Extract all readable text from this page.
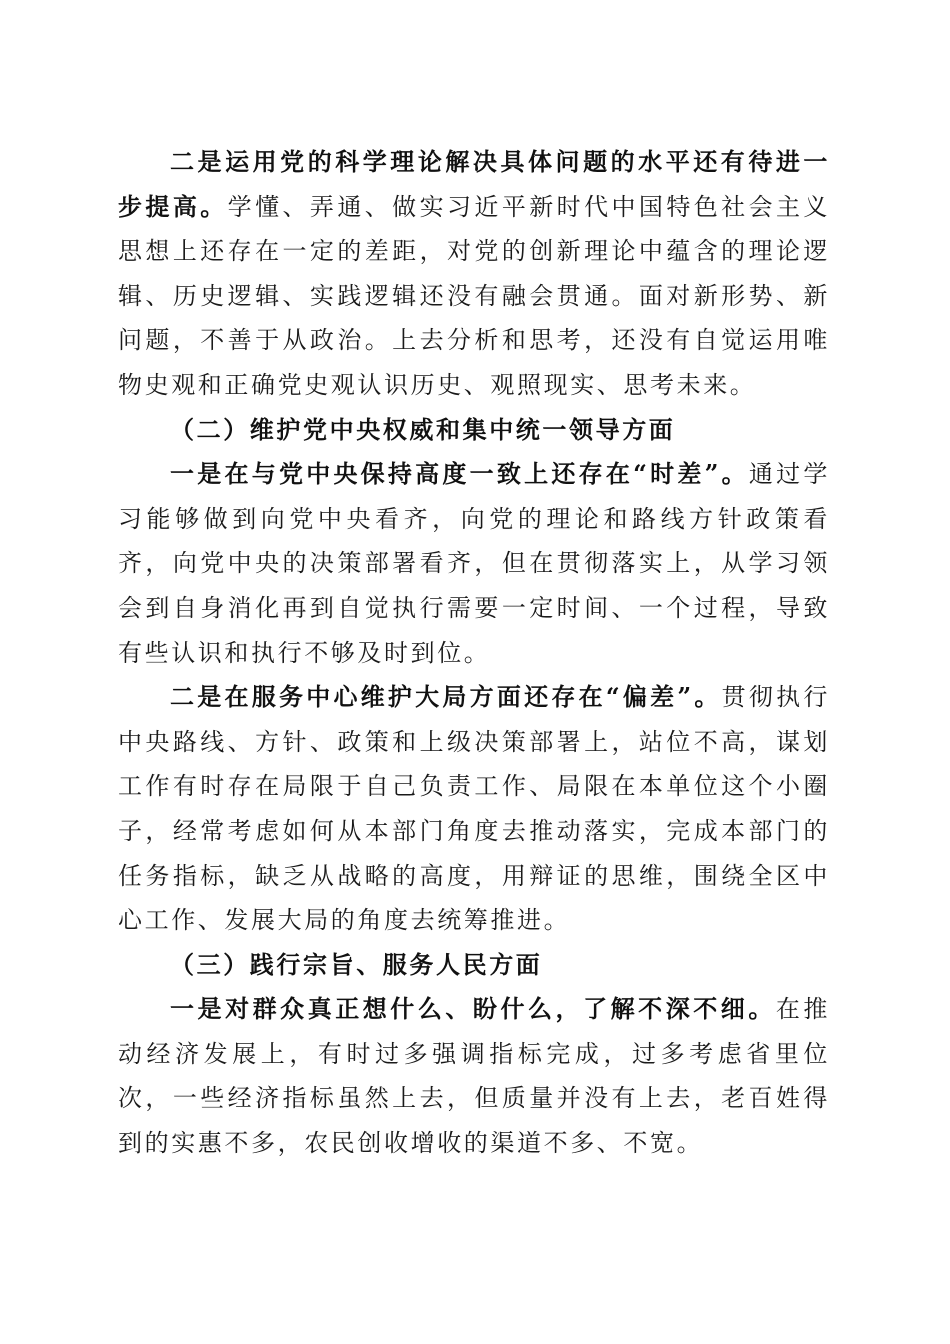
二是运用党的科学理论解决具体问题的水平还有待进一步提高。学懂、弄通、做实习近平新时代中国特色社会主义思想上还存在一定的差距，对党的创新理论中蕴含的理论逻辑、历史逻辑、实践逻辑还没有融会贯通。面对新形势、新问题，不善于从政治。上去分析和思考，还没有自觉运用唯物史观和正确党史观认识历史、观照现实、思考未来。

（二）维护党中央权威和集中统一领导方面

一是在与党中央保持高度一致上还存在“时差”。通过学习能够做到向党中央看齐，向党的理论和路线方针政策看齐，向党中央的决策部署看齐，但在贯彻落实上，从学习领会到自身消化再到自觉执行需要一定时间、一个过程，导致有些认识和执行不够及时到位。

二是在服务中心维护大局方面还存在“偏差”。贯彻执行中央路线、方针、政策和上级决策部署上，站位不高，谋划工作有时存在局限于自己负责工作、局限在本单位这个小圈子，经常考虑如何从本部门角度去推动落实，完成本部门的任务指标，缺乏从战略的高度，用辩证的思维，围绕全区中心工作、发展大局的角度去统筹推进。

（三）践行宗旨、服务人民方面

一是对群众真正想什么、盼什么，了解不深不细。在推动经济发展上，有时过多强调指标完成，过多考虑省里位次，一些经济指标虽然上去，但质量并没有上去，老百姓得到的实惠不多，农民创收增收的渠道不多、不宽。
